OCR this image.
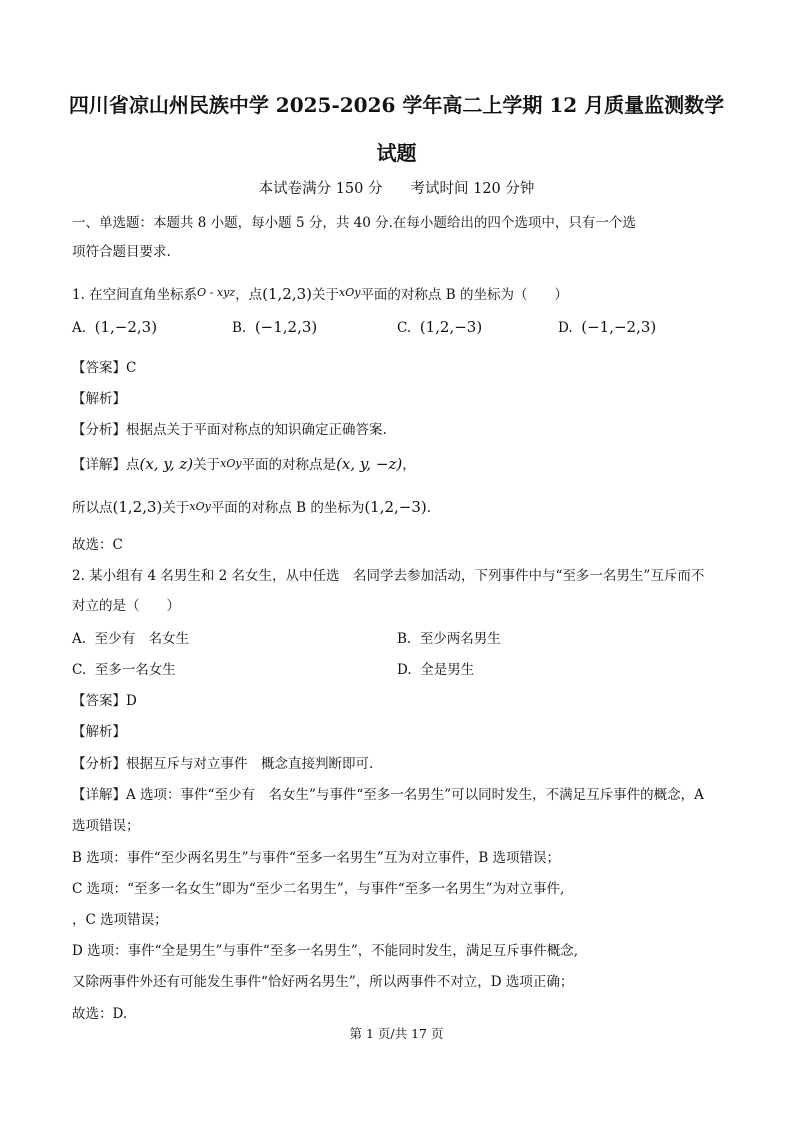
四川省凉山州民族中学 2025-2026 学年高二上学期 12 月质量监测数学
试题
本试卷满分 150 分 考试时间 120 分钟
一、单选题：本题共 8 小题，每小题 5 分，共 40 分.在每小题给出的四个选项中，只有一个选
项符合题目要求.
1. 在空间直角坐标系$^{O - xyz}$，点(1,2,3)关于$^{xOy}$平面的对称点 B 的坐标为（　　）
A. (1,−2,3)	B. (−1,2,3)	C. (1,2,−3)	D. (−1,−2,3)
【答案】C
【解析】
【分析】根据点关于平面对称点的知识确定正确答案.
【详解】点(x, y, z)关于xOy平面的对称点是(x, y, −z)，
所以点(1,2,3)关于xOy平面的对称点 B 的坐标为(1,2,−3).
故选：C
2. 某小组有 4 名男生和 2 名女生，从中任选　名同学去参加活动，下列事件中与“至多一名男生”互斥而不
对立的是（　　）
A. 至少有　名女生	B. 至少两名男生
C. 至多一名女生	D. 全是男生
【答案】D
【解析】
【分析】根据互斥与对立事件　概念直接判断即可.
【详解】A 选项：事件“至少有　名女生”与事件“至多一名男生”可以同时发生，不满足互斥事件的概念，A
选项错误；
B 选项：事件“至少两名男生”与事件“至多一名男生”互为对立事件，B 选项错误；
C 选项：“至多一名女生”即为“至少二名男生”，与事件“至多一名男生”为对立事件,
，C 选项错误；
D 选项：事件“全是男生”与事件“至多一名男生”，不能同时发生，满足互斥事件概念,
又除两事件外还有可能发生事件“恰好两名男生”，所以两事件不对立，D 选项正确；
故选：D.
第 1 页/共 17 页
